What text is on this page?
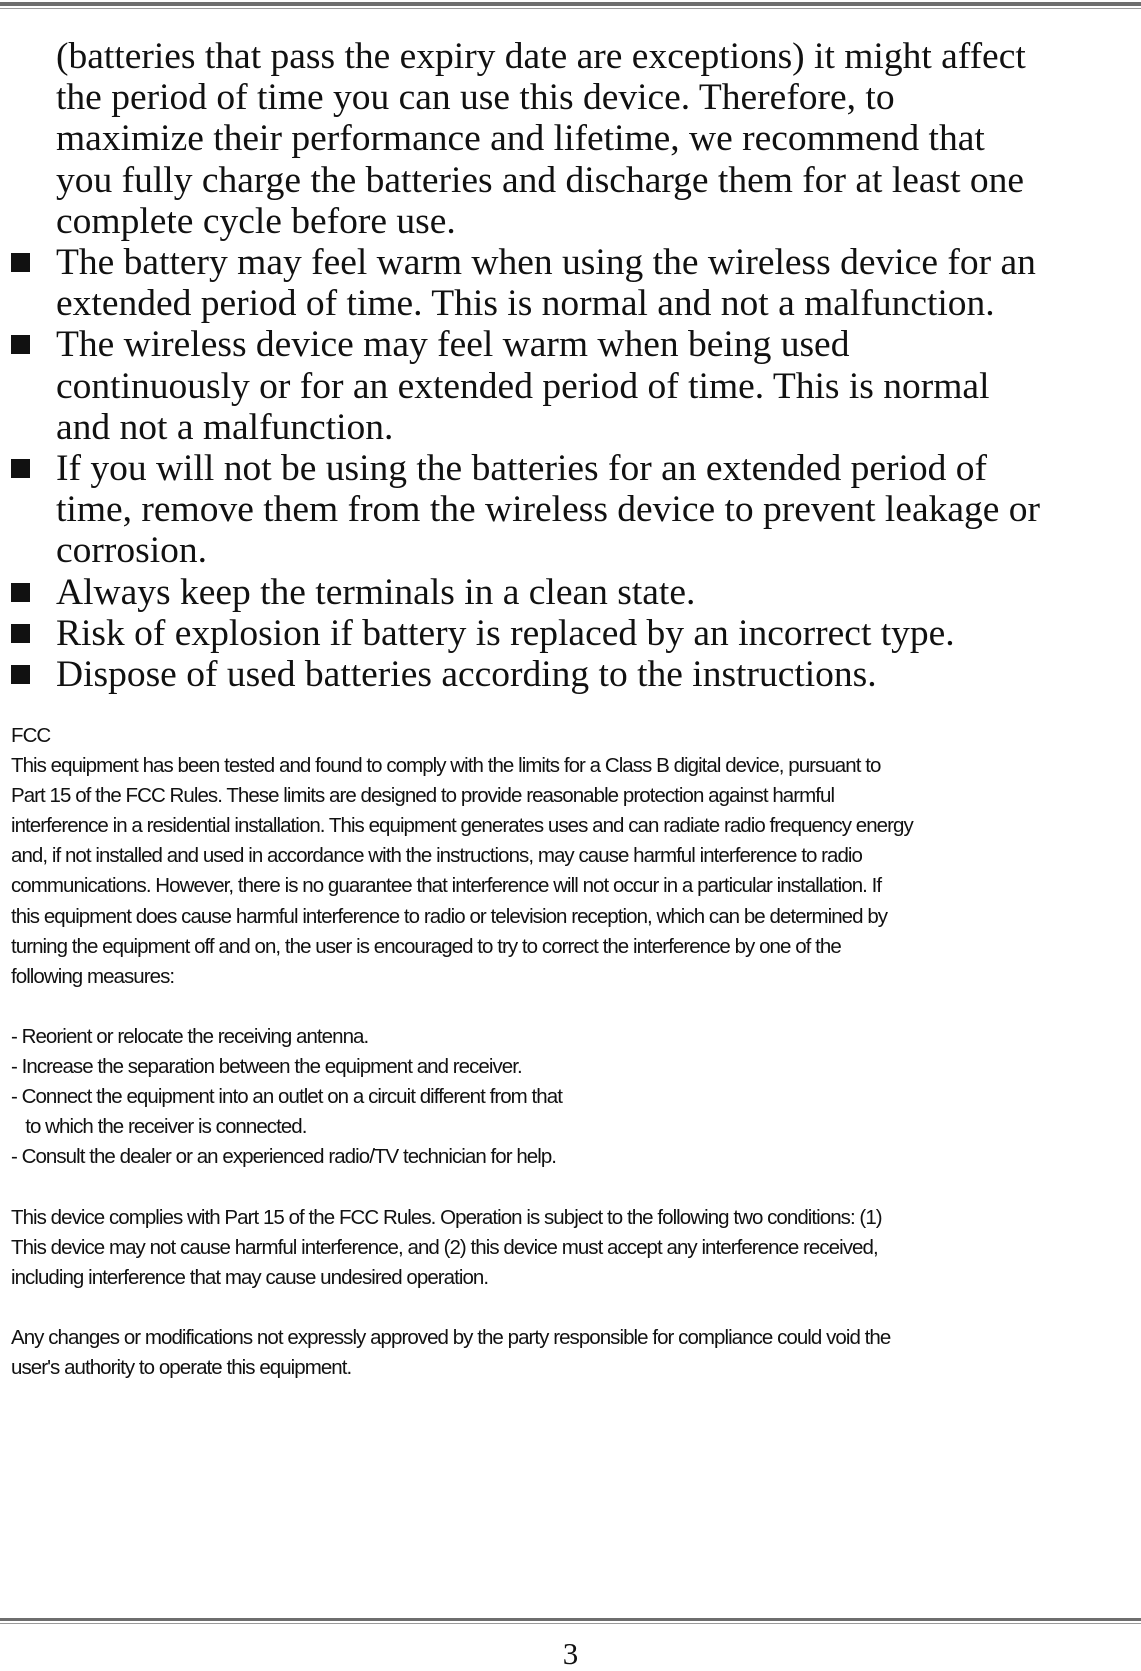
(batteries that pass the expiry date are exceptions) it might affect
the period of time you can use this device. Therefore, to
maximize their performance and lifetime, we recommend that
you fully charge the batteries and discharge them for at least one
complete cycle before use.

The battery may feel warm when using the wireless device for an
extended period of time. This is normal and not a malfunction.
The wireless device may feel warm when being used
continuously or for an extended period of time. This is normal
and not a malfunction.
If you will not be using the batteries for an extended period of
time, remove them from the wireless device to prevent leakage or
corrosion.
Always keep the terminals in a clean state.
Risk of explosion if battery is replaced by an incorrect type.
Dispose of used batteries according to the instructions.

FCC

This equipment has been tested and found to comply with the limits for a Class B digital device, pursuant to
Part 15 of the FCC Rules. These limits are designed to provide reasonable protection against harmful
interference in a residential installation. This equipment generates uses and can radiate radio frequency energy
and, if not installed and used in accordance with the instructions, may cause harmful interference to radio
communications. However, there is no guarantee that interference will not occur in a particular installation. If
this equipment does cause harmful interference to radio or television reception, which can be determined by
turning the equipment off and on, the user is encouraged to try to correct the interference by one of the
following measures:

- Reorient or relocate the receiving antenna.
- Increase the separation between the equipment and receiver.
- Connect the equipment into an outlet on a circuit different from that
to which the receiver is connected.
- Consult the dealer or an experienced radio/TV technician for help.

This device complies with Part 15 of the FCC Rules. Operation is subject to the following two conditions: (1)
This device may not cause harmful interference, and (2) this device must accept any interference received,
including interference that may cause undesired operation.

Any changes or modifications not expressly approved by the party responsible for compliance could void the
user's authority to operate this equipment.

3
